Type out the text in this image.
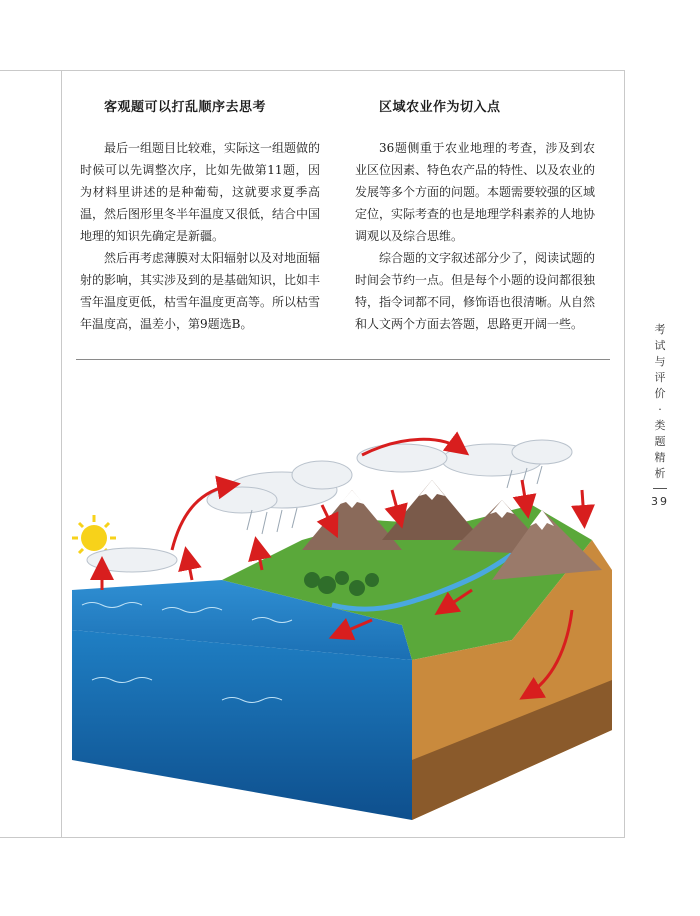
客观题可以打乱顺序去思考

最后一组题目比较难，实际这一组题做的时候可以先调整次序，比如先做第11题，因为材料里讲述的是种葡萄，这就要求夏季高温，然后图形里冬半年温度又很低，结合中国地理的知识先确定是新疆。

然后再考虑薄膜对太阳辐射以及对地面辐射的影响，其实涉及到的是基础知识，比如丰雪年温度更低，枯雪年温度更高等。所以枯雪年温度高，温差小，第9题选B。

区域农业作为切入点

36题侧重于农业地理的考查，涉及到农业区位因素、特色农产品的特性、以及农业的发展等多个方面的问题。本题需要较强的区域定位，实际考查的也是地理学科素养的人地协调观以及综合思维。

综合题的文字叙述部分少了，阅读试题的时间会节约一点。但是每个小题的设问都很独特，指令词都不同，修饰语也很清晰。从自然和人文两个方面去答题，思路更开阔一些。	考
试
与
评
价
·
类
题
精
析
39
